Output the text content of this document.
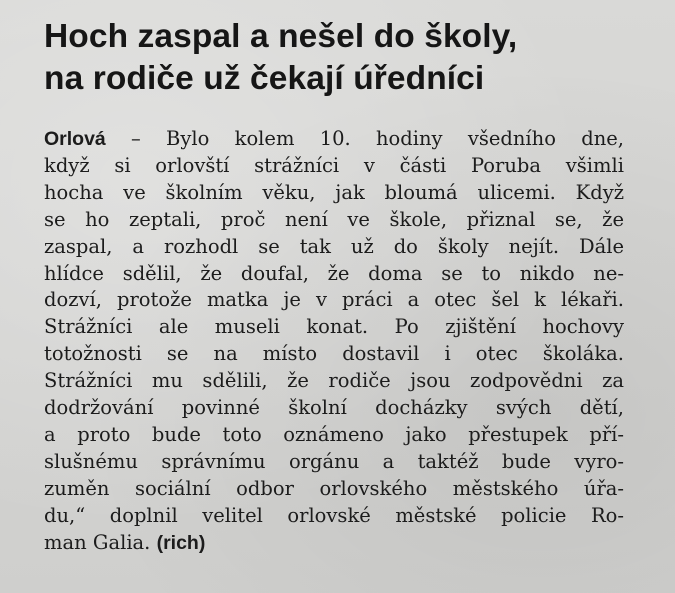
Hoch zaspal a nešel do školy,
na rodiče už čekají úředníci
Orlová – Bylo kolem 10. hodiny všedního dne,
když si orlovští strážníci v části Poruba všimli
hocha ve školním věku, jak bloumá ulicemi. Když
se ho zeptali, proč není ve škole, přiznal se, že
zaspal, a rozhodl se tak už do školy nejít. Dále
hlídce sdělil, že doufal, že doma se to nikdo ne-
dozví, protože matka je v práci a otec šel k lékaři.
Strážníci ale museli konat. Po zjištění hochovy
totožnosti se na místo dostavil i otec školáka.
Strážníci mu sdělili, že rodiče jsou zodpovědni za
dodržování povinné školní docházky svých dětí,
a proto bude toto oznámeno jako přestupek pří-
slušnému správnímu orgánu a taktéž bude vyro-
zuměn sociální odbor orlovského městského úřa-
du,“ doplnil velitel orlovské městské policie Ro-
man Galia. (rich)
